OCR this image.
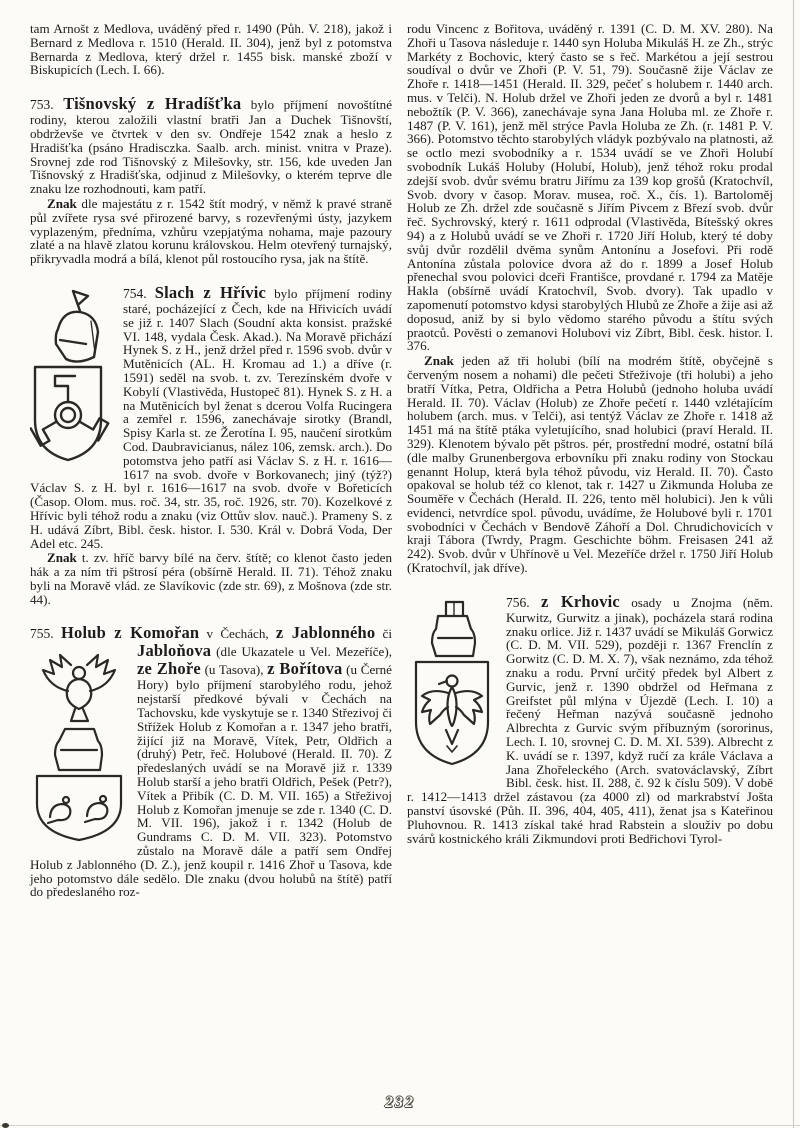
tam Arnošt z Medlova, uváděný před r. 1490 (Půh. V. 218), jakož i Bernard z Medlova r. 1510 (Herald. II. 304), jenž byl z potomstva Bernarda z Medlova, který držel r. 1455 bisk. manské zboží v Biskupicích (Lech. I. 66).

753. Tišnovský z Hradíšťka bylo příjmení novoštítné rodiny, kterou založili vlastní bratři Jan a Duchek Tišnovští, obdrževše ve čtvrtek v den sv. Ondřeje 1542 znak a heslo z Hradišťka (psáno Hradisczka. Saalb. arch. minist. vnitra v Praze). Srovnej zde rod Tišnovský z Milešovky, str. 156, kde uveden Jan Tišnovský z Hradišťska, odjinud z Milešovky, o kterém teprve dle znaku lze rozhodnouti, kam patří.

Znak dle majestátu z r. 1542 štít modrý, v němž k pravé straně půl zvířete rysa své přirozené barvy, s rozevřenými ústy, jazykem vyplazeným, předníma, vzhůru vzepjatýma nohama, maje pazoury zlaté a na hlavě zlatou korunu královskou. Helm otevřený turnajský, přikryvadla modrá a bílá, klenot půl rostoucího rysa, jak na štítě.

754. Slach z Hřívic
bylo příjmení rodiny staré, pocházející z Čech, kde na Hřivicích uvádí se již r. 1407 Slach (Soudní akta konsist. pražské VI. 148, vydala Česk. Akad.). Na Moravě přichází Hynek S. z H., jenž držel před r. 1596 svob. dvůr v Mutěnicích (AL. H. Kromau ad 1.) a dříve (r. 1591) seděl na svob. t. zv. Terezínském dvoře v Kobylí (Vlastivěda, Hustopeč 81). Hynek S. z H. a na Mutěnicích byl ženat s dcerou Volfa Rucingera a zemřel r. 1596, zanechávaje sirotky (Brandl, Spisy Karla st. ze Žerotína I. 95, naučení sirotkům Cod. Daubravicianus, nález 106, zemsk. arch.). Do potomstva jeho patří asi Václav S. z H. r. 1616—1617 na svob. dvoře v Borkovanech; jiný (týž?) Václav S. z H. byl r. 1616—1617 na svob. dvoře v Bořeticích (Časop. Olom. mus. roč. 34, str. 35, roč. 1926, str. 70). Kozelkové z Hřívic byli téhož rodu a znaku (viz Ottův slov. nauč.). Prameny S. z H. udává Zíbrt, Bibl. česk. histor. I. 530. Král v. Dobrá Voda, Der Adel etc. 245.

Znak t. zv. hříč barvy bílé na červ. štítě; co klenot často jeden hák a za ním tři pštrosí péra (obšírně Herald. II. 71). Téhož znaku byli na Moravě vlád. ze Slavíkovic (zde str. 69), z Mošnova (zde str. 44).

755. Holub z Komořan v Čechách, z Jablonného či Jabloňova
(dle Ukazatele u Vel. Mezeříče), ze Zhoře (u Tasova), z Bořítova (u Černé Hory) bylo příjmení starobylého rodu, jehož nejstarší předkové bývali v Čechách na Tachovsku, kde vyskytuje se r. 1340 Střezivoj či Střížek Holub z Komořan a r. 1347 jeho bratři, žijící již na Moravě, Vítek, Petr, Oldřich a (druhý) Petr, řeč. Holubové (Herald. II. 70). Z předeslaných uvádí se na Moravě již r. 1339 Holub starší a jeho bratři Oldřich, Pešek (Petr?), Vítek a Přibík (C. D. M. VII. 165) a Střeživoj Holub z Komořan jmenuje se zde r. 1340 (C. D. M. VII. 196), jakož i r. 1342 (Holub de Gundrams C. D. M. VII. 323). Potomstvo zůstalo na Moravě dále a patří sem Ondřej Holub z Jablonného (D. Z.), jenž koupil r. 1416 Zhoř u Tasova, kde jeho potomstvo dále sedělo. Dle znaku (dvou holubů na štítě) patří do předeslaného roz-

rodu Vincenc z Bořitova, uváděný r. 1391 (C. D. M. XV. 280). Na Zhoři u Tasova následuje r. 1440 syn Holuba Mikuláš H. ze Zh., strýc Markéty z Bochovic, který často se s řeč. Markétou a její sestrou soudíval o dvůr ve Zhoři (P. V. 51, 79). Současně žije Václav ze Zhoře r. 1418—1451 (Herald. II. 329, pečeť s holubem r. 1440 arch. mus. v Telči). N. Holub držel ve Zhoři jeden ze dvorů a byl r. 1481 nebožtík (P. V. 366), zanechávaje syna Jana Holuba ml. ze Zhoře r. 1487 (P. V. 161), jenž měl strýce Pavla Holuba ze Zh. (r. 1481 P. V. 366). Potomstvo těchto starobylých vládyk pozbývalo na platnosti, až se octlo mezi svobodníky a r. 1534 uvádí se ve Zhoři Holubí svobodník Lukáš Holuby (Holubí, Holub), jenž téhož roku prodal zdejší svob. dvůr svému bratru Jiřímu za 139 kop grošů (Kratochvíl, Svob. dvory v časop. Morav. musea, roč. X., čís. 1). Bartoloměj Holub ze Zh. držel zde současně s Jiřím Pivcem z Březí svob. dvůr řeč. Sychrovský, který r. 1611 odprodal (Vlastivěda, Bítešský okres 94) a z Holubů uvádí se ve Zhoři r. 1720 Jiří Holub, který té doby svůj dvůr rozdělil dvěma synům Antonínu a Josefovi. Při rodě Antonína zůstala polovice dvora až do r. 1899 a Josef Holub přenechal svou polovici dceři Františce, provdané r. 1794 za Matěje Hakla (obšírně uvádí Kratochvíl, Svob. dvory). Tak upadlo v zapomenutí potomstvo kdysi starobylých Hlubů ze Zhoře a žije asi až doposud, aniž by si bylo vědomo starého původu a štítu svých praotců. Pověsti o zemanovi Holubovi viz Zíbrt, Bibl. česk. histor. I. 376.

Znak jeden až tři holubi (bílí na modrém štítě, obyčejně s červeným nosem a nohami) dle pečeti Střeživoje (tři holubi) a jeho bratří Vítka, Petra, Oldřicha a Petra Holubů (jednoho holuba uvádí Herald. II. 70). Václav (Holub) ze Zhoře pečetí r. 1440 vzlétajícím holubem (arch. mus. v Telči), asi tentýž Václav ze Zhoře r. 1418 až 1451 má na štítě ptáka vyletujícího, snad holubici (praví Herald. II. 329). Klenotem bývalo pět pštros. pér, prostřední modré, ostatní bílá (dle malby Grunenbergova erbovníku při znaku rodiny von Stockau genannt Holup, která byla téhož původu, viz Herald. II. 70). Často opakoval se holub též co klenot, tak r. 1427 u Zikmunda Holuba ze Souměře v Čechách (Herald. II. 226, tento měl holubici). Jen k vůli evidenci, netvrdíce spol. původu, uvádíme, že Holubové byli r. 1701 svobodníci v Čechách v Bendově Záhoří a Dol. Chrudichovicích v kraji Tábora (Twrdy, Pragm. Geschichte böhm. Freisasen 241 až 242). Svob. dvůr v Uhřínově u Vel. Mezeříče držel r. 1750 Jiří Holub (Kratochvíl, jak dříve).

756. z Krhovic
osady u Znojma (něm. Kurwitz, Gurwitz a jinak), pocházela stará rodina znaku orlice. Již r. 1437 uvádí se Mikuláš Gorwicz (C. D. M. VII. 529), později r. 1367 Frenclín z Gorwitz (C. D. M. X. 7), však neznámo, zda téhož znaku a rodu. První určitý předek byl Albert z Gurvic, jenž r. 1390 obdržel od Heřmana z Greifstet půl mlýna v Újezdě (Lech. I. 10) a řečený Heřman nazývá současně jednoho Albrechta z Gurvic svým příbuzným (sororinus, Lech. I. 10, srovnej C. D. M. XI. 539). Albrecht z K. uvádí se r. 1397, když ručí za krále Václava a Jana Zhořeleckého (Arch. svatováclavský, Zíbrt Bibl. česk. hist. II. 288, č. 92 k číslu 509). V době r. 1412—1413 držel zástavou (za 4000 zl) od markrabství Jošta panství úsovské (Půh. II. 396, 404, 405, 411), ženat jsa s Kateřinou Pluhovnou. R. 1413 získal také hrad Rabstein a slouživ po dobu svárů kostnického králi Zikmundovi proti Bedřichovi Tyrol-

232
